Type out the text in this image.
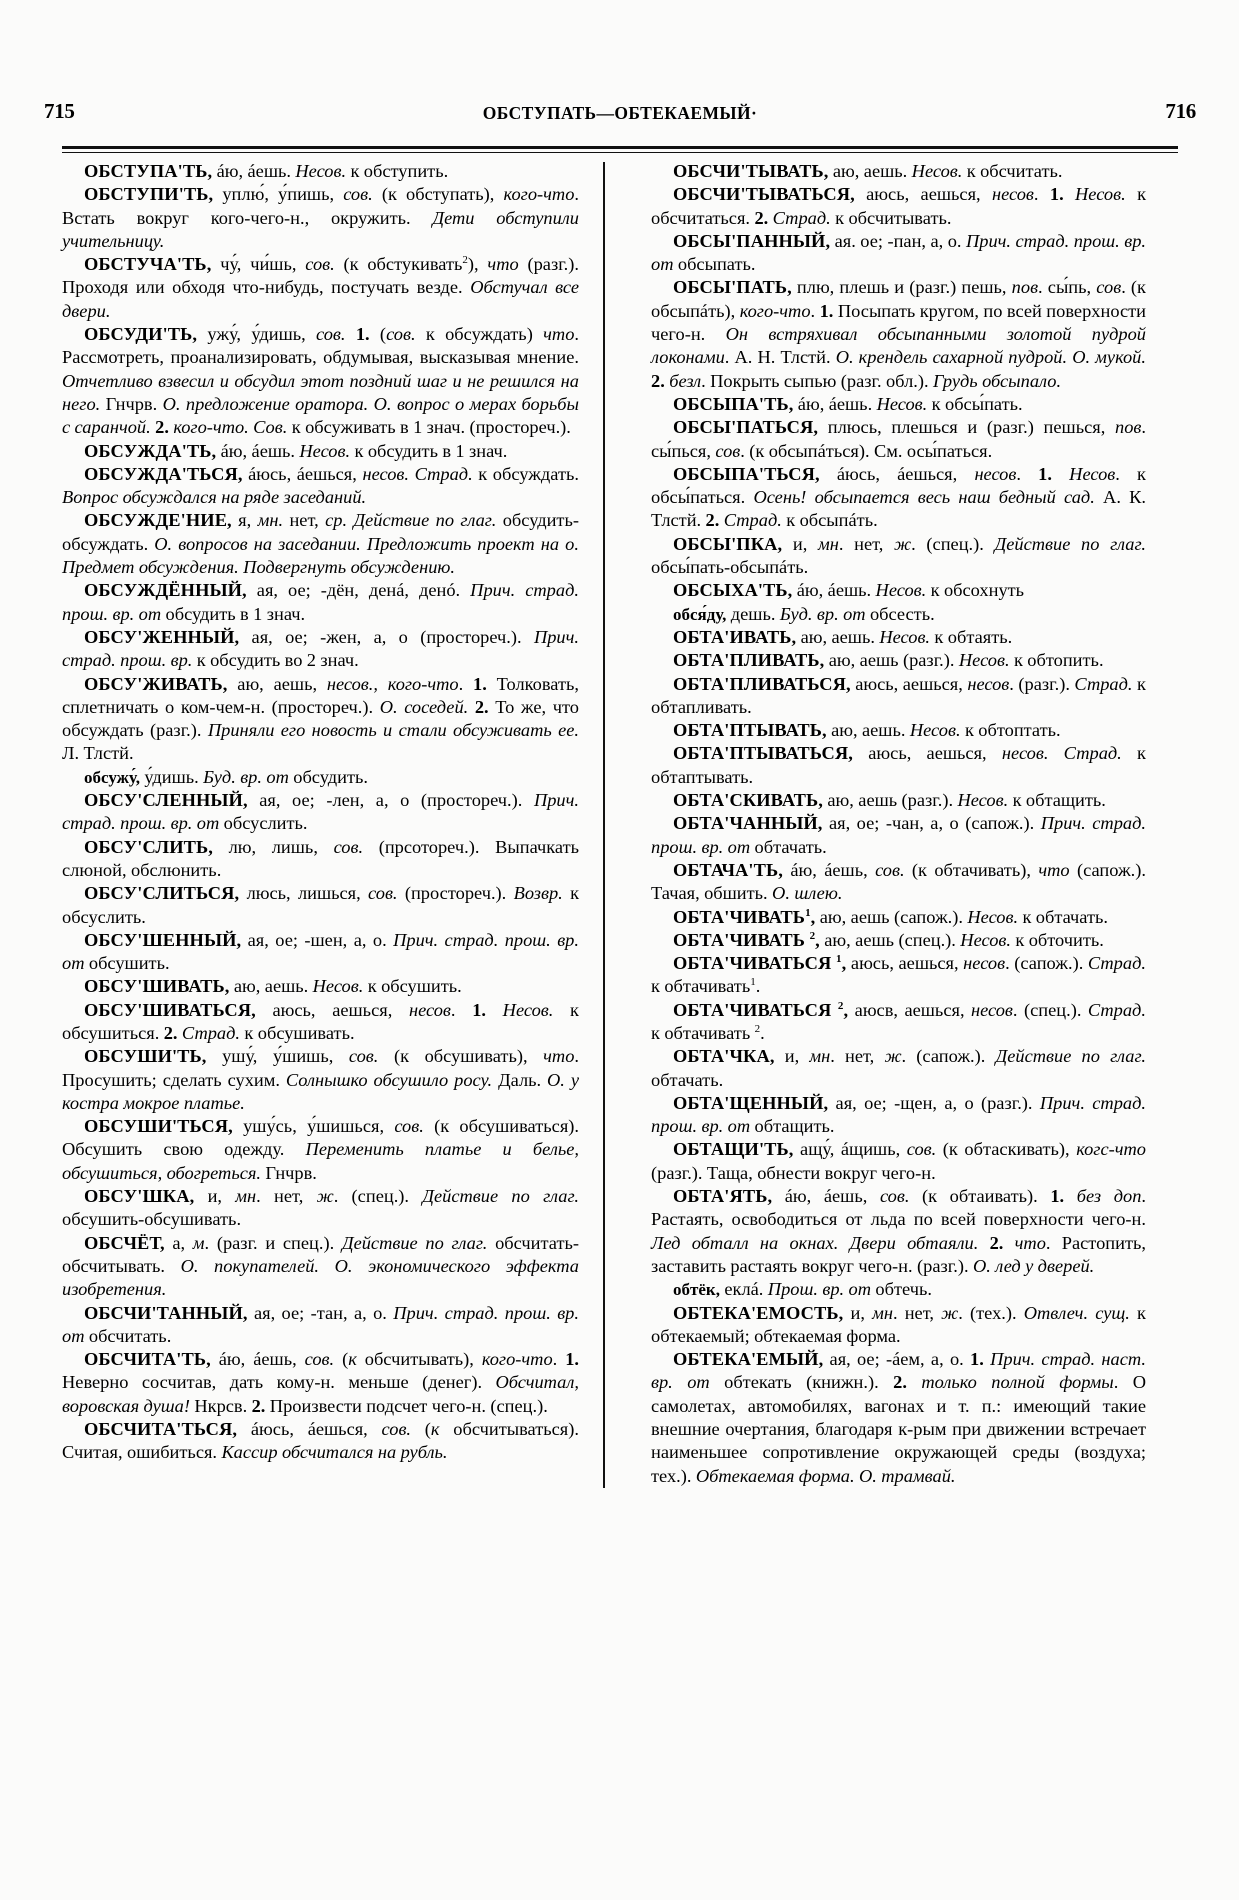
715	ОБСТУПАТЬ—ОБТЕКАЕМЫЙ·	716

ОБСТУПА'ТЬ, áю, áешь. Несов. к обступить.

ОБСТУПИ'ТЬ, уплю́, у́пишь, сов. (к обступать), кого-что. Встать вокруг кого-чего-н., окружить. Дети обступили учительницу.

ОБСТУЧА'ТЬ, чу́, чи́шь, сов. (к обстукивать$^2$), что (разг.). Проходя или обходя что-нибудь, постучать везде. Обстучал все двери.

ОБСУДИ'ТЬ, ужу́, у́дишь, сов. 1. (сов. к обсуждать) что. Рассмотреть, проанализировать, обдумывая, высказывая мнение. Отчетливо взвесил и обсудил этот поздний шаг и не решился на него. Гнчрв. О. предложение оратора. О. вопрос о мерах борьбы с саранчой. 2. кого-что. Сов. к обсуживать в 1 знач. (простореч.).

ОБСУЖДА'ТЬ, áю, áешь. Несов. к обсудить в 1 знач.

ОБСУЖДА'ТЬСЯ, áюсь, áешься, несов. Страд. к обсуждать. Вопрос обсуждался на ряде заседаний.

ОБСУЖДЕ'НИЕ, я, мн. нет, ср. Действие по глаг. обсудить-обсуждать. О. вопросов на заседании. Предложить проект на о. Предмет обсуждения. Подвергнуть обсуждению.

ОБСУЖДЁННЫЙ, ая, ое; -дён, денá, денó. Прич. страд. прош. вр. от обсудить в 1 знач.

ОБСУ'ЖЕННЫЙ, ая, ое; -жен, а, о (простореч.). Прич. страд. прош. вр. к обсудить во 2 знач.

ОБСУ'ЖИВАТЬ, аю, аешь, несов., кого-что. 1. Толковать, сплетничать о ком-чем-н. (простореч.). О. соседей. 2. То же, что обсуждать (разг.). Приняли его новость и стали обсуживать ее. Л. Тлстй.

обсужу́, у́дишь. Буд. вр. от обсудить.

ОБСУ'СЛЕННЫЙ, ая, ое; -лен, а, о (простореч.). Прич. страд. прош. вр. от обсуслить.

ОБСУ'СЛИТЬ, лю, лишь, сов. (прсотореч.). Выпачкать слюной, обслюнить.

ОБСУ'СЛИТЬСЯ, люсь, лишься, сов. (простореч.). Возвр. к обсуслить.

ОБСУ'ШЕННЫЙ, ая, ое; -шен, а, о. Прич. страд. прош. вр. от обсушить.

ОБСУ'ШИВАТЬ, аю, аешь. Несов. к обсушить.

ОБСУ'ШИВАТЬСЯ, аюсь, аешься, несов. 1. Несов. к обсушиться. 2. Страд. к обсушивать.

ОБСУШИ'ТЬ, ушу́, у́шишь, сов. (к обсушивать), что. Просушить; сделать сухим. Солнышко обсушило росу. Даль. О. у костра мокрое платье.

ОБСУШИ'ТЬСЯ, ушу́сь, у́шишься, сов. (к обсушиваться). Обсушить свою одежду. Переменить платье и белье, обсушиться, обогреться. Гнчрв.

ОБСУ'ШКА, и, мн. нет, ж. (спец.). Действие по глаг. обсушить-обсушивать.

ОБСЧЁТ, а, м. (разг. и спец.). Действие по глаг. обсчитать-обсчитывать. О. покупателей. О. экономического эффекта изобретения.

ОБСЧИ'ТАННЫЙ, ая, ое; -тан, а, о. Прич. страд. прош. вр. от обсчитать.

ОБСЧИТА'ТЬ, áю, áешь, сов. (к обсчитывать), кого-что. 1. Неверно сосчитав, дать кому-н. меньше (денег). Обсчитал, воровская душа! Нкрсв. 2. Произвести подсчет чего-н. (спец.).

ОБСЧИТА'ТЬСЯ, áюсь, áешься, сов. (к обсчитываться). Считая, ошибиться. Кассир обсчитался на рубль.

ОБСЧИ'ТЫВАТЬ, аю, аешь. Несов. к обсчитать.

ОБСЧИ'ТЫВАТЬСЯ, аюсь, аешься, несов. 1. Несов. к обсчитаться. 2. Страд. к обсчитывать.

ОБСЫ'ПАННЫЙ, ая. ое; -пан, а, о. Прич. страд. прош. вр. от обсыпать.

ОБСЫ'ПАТЬ, плю, плешь и (разг.) пешь, пов. сы́пь, сов. (к обсыпáть), кого-что. 1. Посыпать кругом, по всей поверхности чего-н. Он встряхивал обсыпанными золотой пудрой локонами. А. Н. Тлстй. О. крендель сахарной пудрой. О. мукой. 2. безл. Покрыть сыпью (разг. обл.). Грудь обсыпало.

ОБСЫПА'ТЬ, áю, áешь. Несов. к обсы́пать.

ОБСЫ'ПАТЬСЯ, плюсь, плешься и (разг.) пешься, пов. сы́пься, сов. (к обсыпáться). См. осы́паться.

ОБСЫПА'ТЬСЯ, áюсь, áешься, несов. 1. Несов. к обсы́паться. Осень! обсыпается весь наш бедный сад. А. К. Тлстй. 2. Страд. к обсыпáть.

ОБСЫ'ПКА, и, мн. нет, ж. (спец.). Действие по глаг. обсы́пать-обсыпáть.

ОБСЫХА'ТЬ, áю, áешь. Несов. к обсохнуть

обся́ду, дешь. Буд. вр. от обсесть.

ОБТА'ИВАТЬ, аю, аешь. Несов. к обтаять.

ОБТА'ПЛИВАТЬ, аю, аешь (разг.). Несов. к обтопить.

ОБТА'ПЛИВАТЬСЯ, аюсь, аешься, несов. (разг.). Страд. к обтапливать.

ОБТА'ПТЫВАТЬ, аю, аешь. Несов. к обтоптать.

ОБТА'ПТЫВАТЬСЯ, аюсь, аешься, несов. Страд. к обтаптывать.

ОБТА'СКИВАТЬ, аю, аешь (разг.). Несов. к обтащить.

ОБТА'ЧАННЫЙ, ая, ое; -чан, а, о (сапож.). Прич. страд. прош. вр. от обтачать.

ОБТАЧА'ТЬ, áю, áешь, сов. (к обтачивать), что (сапож.). Тачая, обшить. О. шлею.

ОБТА'ЧИВАТЬ$^1$, аю, аешь (сапож.). Несов. к обтачать.

ОБТА'ЧИВАТЬ $^2$, аю, аешь (спец.). Несов. к обточить.

ОБТА'ЧИВАТЬСЯ $^1$, аюсь, аешься, несов. (сапож.). Страд. к обтачивать$^1$.

ОБТА'ЧИВАТЬСЯ $^2$, аюсв, аешься, несов. (спец.). Страд. к обтачивать $^2$.

ОБТА'ЧКА, и, мн. нет, ж. (сапож.). Действие по глаг. обтачать.

ОБТА'ЩЕННЫЙ, ая, ое; -щен, а, о (разг.). Прич. страд. прош. вр. от обтащить.

ОБТАЩИ'ТЬ, ащу́, áщишь, сов. (к обтаскивать), когс-что (разг.). Таща, обнести вокруг чего-н.

ОБТА'ЯТЬ, áю, áешь, сов. (к обтаивать). 1. без доп. Растаять, освободиться от льда по всей поверхности чего-н. Лед обталл на окнах. Двери обтаяли. 2. что. Растопить, заставить растаять вокруг чего-н. (разг.). О. лед у дверей.

обтёк, еклá. Прош. вр. от обтечь.

ОБТЕКА'ЕМОСТЬ, и, мн. нет, ж. (тех.). Отвлеч. сущ. к обтекаемый; обтекаемая форма.

ОБТЕКА'ЕМЫЙ, ая, ое; -áем, а, о. 1. Прич. страд. наст. вр. от обтекать (книжн.). 2. только полной формы. О самолетах, автомобилях, вагонах и т. п.: имеющий такие внешние очертания, благодаря к-рым при движении встречает наименьшее сопротивление окружающей среды (воздуха; тех.). Обтекаемая форма. О. трамвай.
